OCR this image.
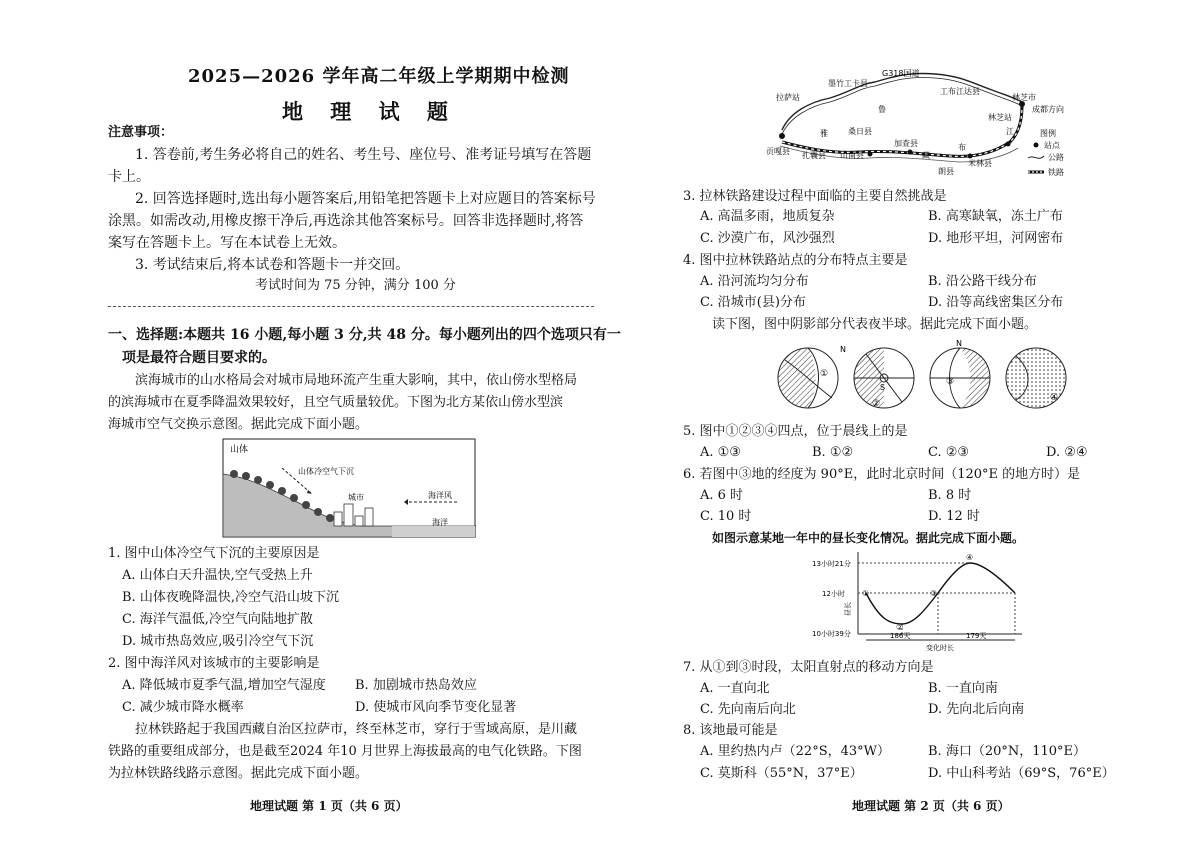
2025—2026 学年高二年级上学期期中检测
地 理 试 题
注意事项：
1. 答卷前,考生务必将自己的姓名、考生号、座位号、准考证号填写在答题
卡上。
2. 回答选择题时,选出每小题答案后,用铅笔把答题卡上对应题目的答案标号
涂黑。如需改动,用橡皮擦干净后,再选涂其他答案标号。回答非选择题时,将答
案写在答题卡上。写在本试卷上无效。
3. 考试结束后,将本试卷和答题卡一并交回。
考试时间为 75 分钟，满分 100 分
一、选择题:本题共 16 小题,每小题 3 分,共 48 分。每小题列出的四个选项只有一
项是最符合题目要求的。
滨海城市的山水格局会对城市局地环流产生重大影响，其中，依山傍水型格局
的滨海城市在夏季降温效果较好，且空气质量较优。下图为北方某依山傍水型滨
海城市空气交换示意图。据此完成下面小题。
山体
山体冷空气下沉
城市	海洋风
海洋
1. 图中山体冷空气下沉的主要原因是
A. 山体白天升温快,空气受热上升
B. 山体夜晚降温快,冷空气沿山坡下沉
C. 海洋气温低,冷空气向陆地扩散
D. 城市热岛效应,吸引冷空气下沉
2. 图中海洋风对该城市的主要影响是
A. 降低城市夏季气温,增加空气湿度 B. 加剧城市热岛效应
C. 减少城市降水概率	D. 使城市风向季节变化显著
拉林铁路起于我国西藏自治区拉萨市，终至林芝市，穿行于雪域高原，是川藏
铁路的重要组成部分，也是截至2024 年10 月世界上海拔最高的电气化铁路。下图
为拉林铁路线路示意图。据此完成下面小题。
地理试题 第 1 页（共 6 页）
G318国道
墨竹工卡县
拉萨站
工布江达县
林芝市
成都方向
林芝站
江
贡嘎县 扎囊县 山南县
桑日县
加查县
朗县
米林县
雅
鲁
藏
布
图例
站点
公路
铁路
3. 拉林铁路建设过程中面临的主要自然挑战是
A. 高温多雨，地质复杂	B. 高寒缺氧，冻土广布
C. 沙漠广布，风沙强烈	D. 地形平坦，河网密布
4. 图中拉林铁路站点的分布特点主要是
A. 沿河流均匀分布	B. 沿公路干线分布
C. 沿城市(县)分布	D. 沿等高线密集区分布
读下图，图中阴影部分代表夜半球。据此完成下面小题。
①
N
S
②
N
③
④
5. 图中①②③④四点，位于晨线上的是
A. ①③	B. ①②	C. ②③	D. ②④
6. 若图中③地的经度为 90°E，此时北京时间（120°E 的地方时）是
A. 6 时	B. 8 时
C. 10 时	D. 12 时
如图示意某地一年中的昼长变化情况。据此完成下面小题。
13小时21分
12小时
10小时39分
昼长
①
②
③
④
186天	179天
变化时长
7. 从①到③时段，太阳直射点的移动方向是
A. 一直向北	B. 一直向南
C. 先向南后向北	D. 先向北后向南
8. 该地最可能是
A. 里约热内卢（22°S，43°W）	B. 海口（20°N，110°E）
C. 莫斯科（55°N，37°E）	D. 中山科考站（69°S，76°E）
地理试题 第 2 页（共 6 页）
